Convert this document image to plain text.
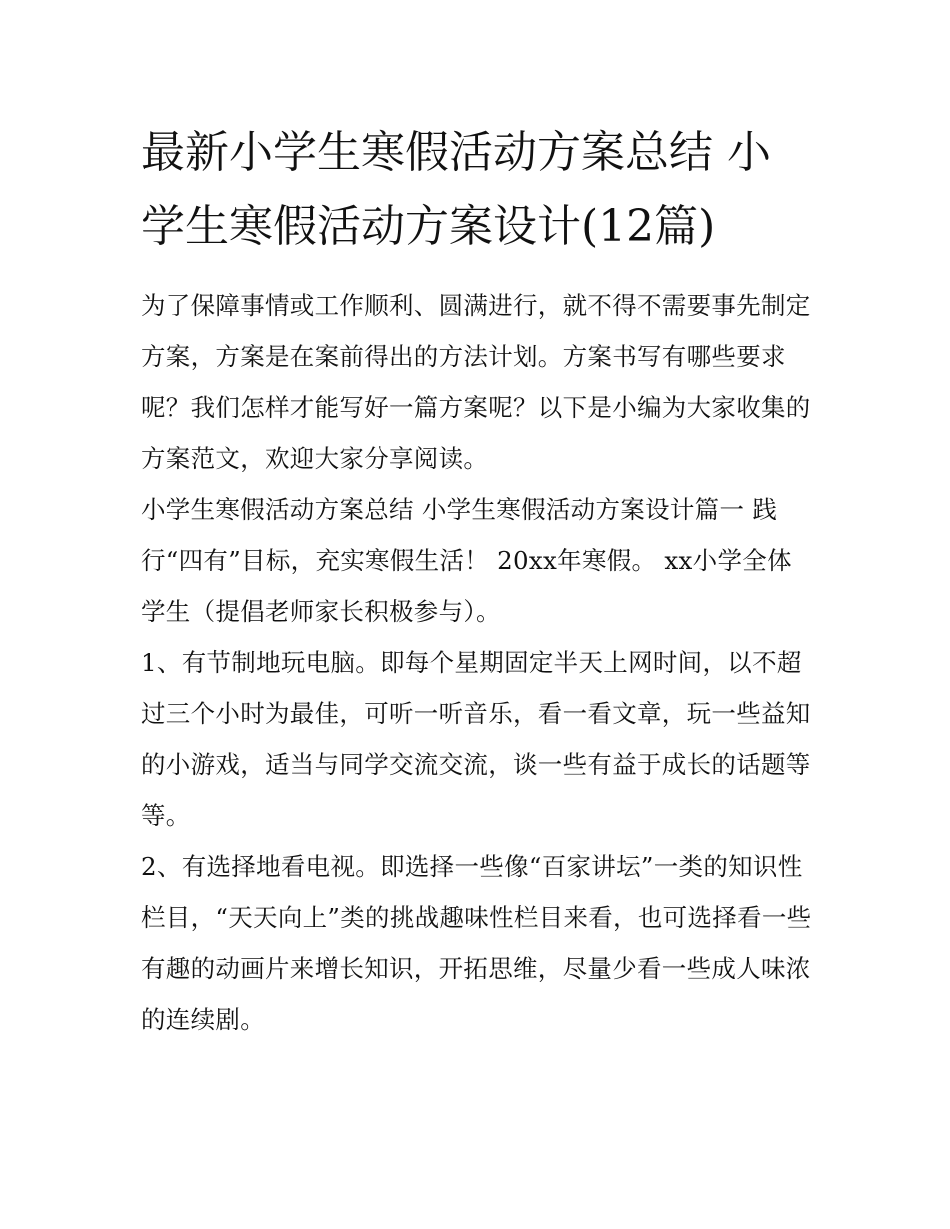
最新小学生寒假活动方案总结 小学生寒假活动方案设计(12篇)

为了保障事情或工作顺利、圆满进行，就不得不需要事先制定方案，方案是在案前得出的方法计划。方案书写有哪些要求呢？我们怎样才能写好一篇方案呢？以下是小编为大家收集的方案范文，欢迎大家分享阅读。

小学生寒假活动方案总结 小学生寒假活动方案设计篇一 践行“四有”目标，充实寒假生活！ 20xx年寒假。 xx小学全体学生（提倡老师家长积极参与）。

1、有节制地玩电脑。即每个星期固定半天上网时间，以不超过三个小时为最佳，可听一听音乐，看一看文章，玩一些益知的小游戏，适当与同学交流交流，谈一些有益于成长的话题等等。

2、有选择地看电视。即选择一些像“百家讲坛”一类的知识性栏目，“天天向上”类的挑战趣味性栏目来看，也可选择看一些有趣的动画片来增长知识，开拓思维，尽量少看一些成人味浓的连续剧。
